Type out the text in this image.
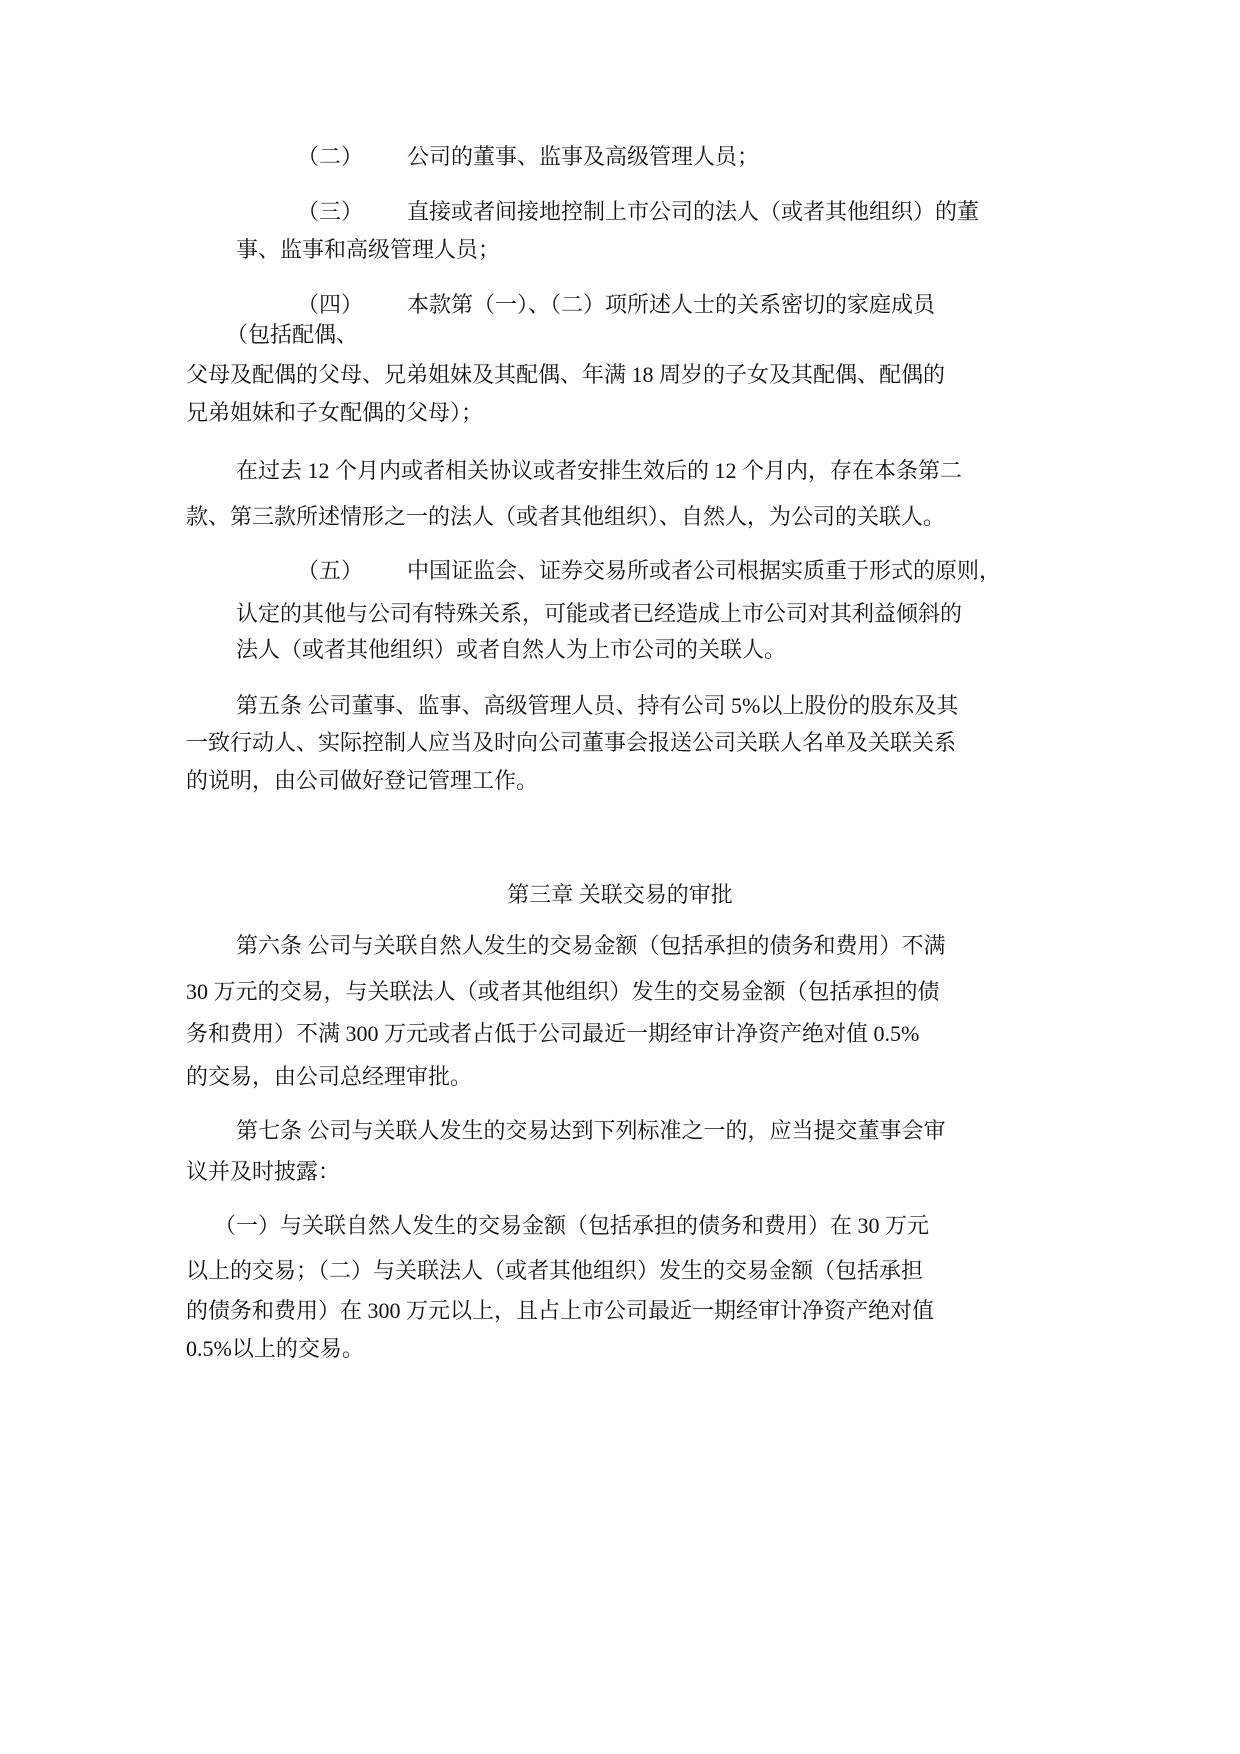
（二） 公司的董事、监事及高级管理人员；
（三） 直接或者间接地控制上市公司的法人（或者其他组织）的董
事、监事和高级管理人员；
（四） 本款第（一）、（二）项所述人士的关系密切的家庭成员
（包括配偶、
父母及配偶的父母、兄弟姐妹及其配偶、年满 18 周岁的子女及其配偶、配偶的
兄弟姐妹和子女配偶的父母）；
在过去 12 个月内或者相关协议或者安排生效后的 12 个月内，存在本条第二
款、第三款所述情形之一的法人（或者其他组织）、自然人，为公司的关联人。
（五） 中国证监会、证券交易所或者公司根据实质重于形式的原则，
认定的其他与公司有特殊关系，可能或者已经造成上市公司对其利益倾斜的
法人（或者其他组织）或者自然人为上市公司的关联人。
第五条 公司董事、监事、高级管理人员、持有公司 5%以上股份的股东及其
一致行动人、实际控制人应当及时向公司董事会报送公司关联人名单及关联关系
的说明，由公司做好登记管理工作。
第三章 关联交易的审批
第六条 公司与关联自然人发生的交易金额（包括承担的债务和费用）不满
30 万元的交易，与关联法人（或者其他组织）发生的交易金额（包括承担的债
务和费用）不满 300 万元或者占低于公司最近一期经审计净资产绝对值 0.5%
的交易，由公司总经理审批。
第七条 公司与关联人发生的交易达到下列标准之一的，应当提交董事会审
议并及时披露：
（一）与关联自然人发生的交易金额（包括承担的债务和费用）在 30 万元
以上的交易；（二）与关联法人（或者其他组织）发生的交易金额（包括承担
的债务和费用）在 300 万元以上，且占上市公司最近一期经审计净资产绝对值
0.5%以上的交易。
